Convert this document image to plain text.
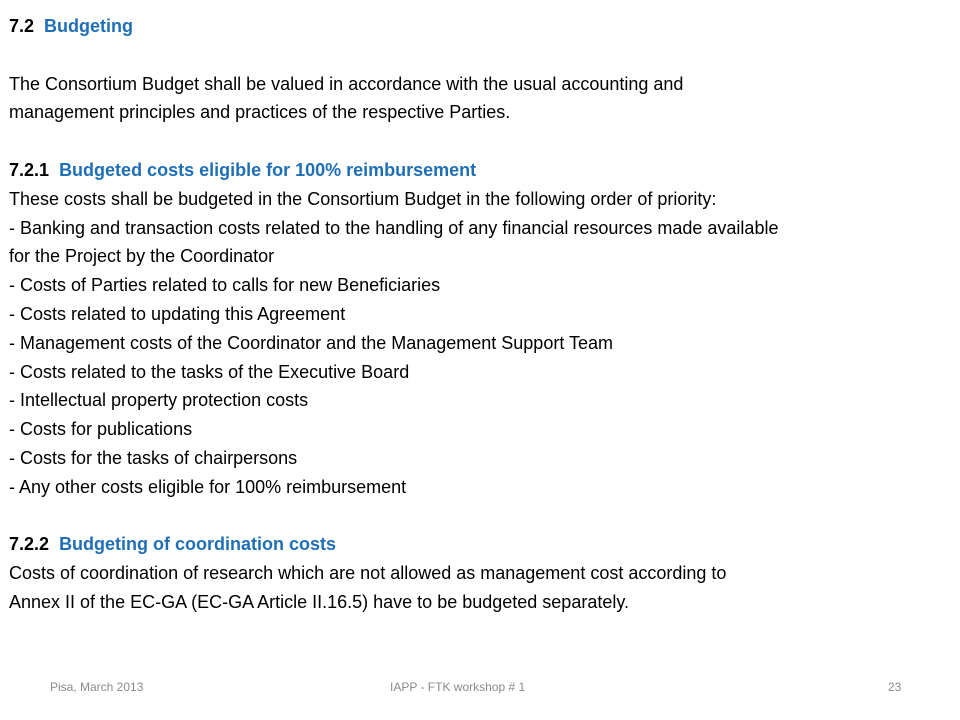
7.2 Budgeting

The Consortium Budget shall be valued in accordance with the usual accounting and

management principles and practices of the respective Parties.

7.2.1 Budgeted costs eligible for 100% reimbursement

These costs shall be budgeted in the Consortium Budget in the following order of priority:

- Banking and transaction costs related to the handling of any financial resources made available

for the Project by the Coordinator

- Costs of Parties related to calls for new Beneficiaries

- Costs related to updating this Agreement

- Management costs of the Coordinator and the Management Support Team

- Costs related to the tasks of the Executive Board

- Intellectual property protection costs

- Costs for publications

- Costs for the tasks of chairpersons

- Any other costs eligible for 100% reimbursement

7.2.2 Budgeting of coordination costs

Costs of coordination of research which are not allowed as management cost according to

Annex II of the EC-GA (EC-GA Article II.16.5) have to be budgeted separately.

Pisa, March 2013	IAPP - FTK workshop # 1	23
